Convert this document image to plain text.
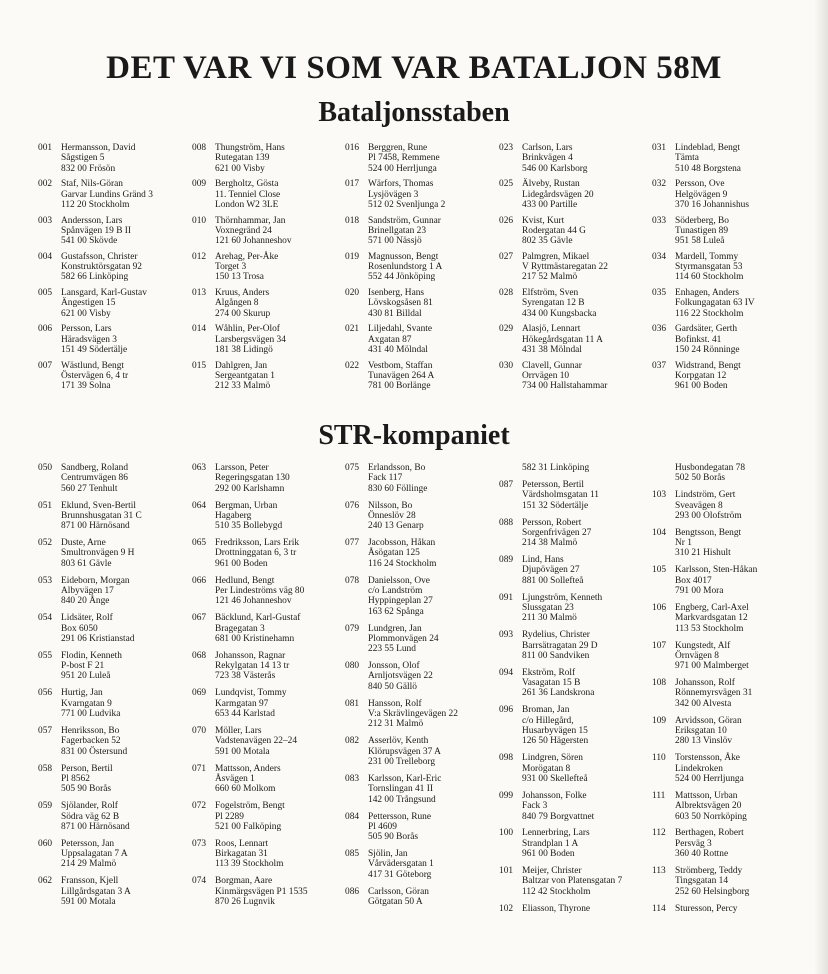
DET VAR VI SOM VAR BATALJON 58M
Bataljonsstaben
001 Hermansson, David
Sågstigen 5
832 00 Frösön
002 Staf, Nils-Göran
Garvar Lundins Gränd 3
112 20 Stockholm
003 Andersson, Lars
Spånvägen 19 B II
541 00 Skövde
004 Gustafsson, Christer
Konstruktörsgatan 92
582 66 Linköping
005 Lansgard, Karl-Gustav
Ängestigen 15
621 00 Visby
006 Persson, Lars
Häradsvägen 3
151 49 Södertälje
007 Wästlund, Bengt
Östervägen 6, 4 tr
171 39 Solna
008 Thungström, Hans
Rutegatan 139
621 00 Visby
009 Bergholtz, Gösta
11. Tenniel Close
London W2 3LE
010 Thörnhammar, Jan
Voxnegränd 24
121 60 Johanneshov
012 Arehag, Per-Åke
Torget 3
150 13 Trosa
013 Kruus, Anders
Algången 8
274 00 Skurup
014 Wåhlin, Per-Olof
Larsbergsvägen 34
181 38 Lidingö
015 Dahlgren, Jan
Sergeantgatan 1
212 33 Malmö
016 Berggren, Rune
Pl 7458, Remmene
524 00 Herrljunga
017 Wärfors, Thomas
Lysjövägen 3
512 02 Svenljunga 2
018 Sandström, Gunnar
Brinellgatan 23
571 00 Nässjö
019 Magnusson, Bengt
Rosenlundstorg 1 A
552 44 Jönköping
020 Isenberg, Hans
Lövskogsåsen 81
430 81 Billdal
021 Liljedahl, Svante
Axgatan 87
431 40 Mölndal
022 Vestbom, Staffan
Tunavägen 264 A
781 00 Borlänge
023 Carlson, Lars
Brinkvägen 4
546 00 Karlsborg
025 Älveby, Rustan
Lidegårdsvägen 20
433 00 Partille
026 Kvist, Kurt
Rodergatan 44 G
802 35 Gävle
027 Palmgren, Mikael
V Ryttmästaregatan 22
217 52 Malmö
028 Elfström, Sven
Syrengatan 12 B
434 00 Kungsbacka
029 Alasjö, Lennart
Hökegårdsgatan 11 A
431 38 Mölndal
030 Clavell, Gunnar
Orrvägen 10
734 00 Hallstahammar
031 Lindeblad, Bengt
Tämta
510 48 Borgstena
032 Persson, Ove
Helgövägen 9
370 16 Johannishus
033 Söderberg, Bo
Tunastigen 89
951 58 Luleå
034 Mardell, Tommy
Styrmansgatan 53
114 60 Stockholm
035 Enhagen, Anders
Folkungagatan 63 IV
116 22 Stockholm
036 Gardsäter, Gerth
Bofinkst. 41
150 24 Rönninge
037 Widstrand, Bengt
Korpgatan 12
961 00 Boden
STR-kompaniet
050 Sandberg, Roland
Centrumvägen 86
560 27 Tenhult
051 Eklund, Sven-Bertil
Brunnshusgatan 31 C
871 00 Härnösand
052 Duste, Arne
Smultronvägen 9 H
803 61 Gävle
053 Eideborn, Morgan
Albyvägen 17
840 20 Ånge
054 Lidsäter, Rolf
Box 6050
291 06 Kristianstad
055 Flodin, Kenneth
P-bost F 21
951 20 Luleå
056 Hurtig, Jan
Kvarngatan 9
771 00 Ludvika
057 Henriksson, Bo
Fagerbacken 52
831 00 Östersund
058 Person, Bertil
Pl 8562
505 90 Borås
059 Sjölander, Rolf
Södra väg 62 B
871 00 Härnösand
060 Petersson, Jan
Uppsalagatan 7 A
214 29 Malmö
062 Fransson, Kjell
Lillgårdsgatan 3 A
591 00 Motala
063 Larsson, Peter
Regeringsgatan 130
292 00 Karlshamn
064 Bergman, Urban
Hagaberg
510 35 Bollebygd
065 Fredriksson, Lars Erik
Drottninggatan 6, 3 tr
961 00 Boden
066 Hedlund, Bengt
Per Lindeströms väg 80
121 46 Johanneshov
067 Bäcklund, Karl-Gustaf
Bragegatan 3
681 00 Kristinehamn
068 Johansson, Ragnar
Rekylgatan 14 13 tr
723 38 Västerås
069 Lundqvist, Tommy
Karmgatan 97
653 44 Karlstad
070 Möller, Lars
Vadstenavägen 22–24
591 00 Motala
071 Mattsson, Anders
Åsvägen 1
660 60 Molkom
072 Fogelström, Bengt
Pl 2289
521 00 Falköping
073 Roos, Lennart
Birkagatan 31
113 39 Stockholm
074 Borgman, Aare
Kinmärgsvägen P1 1535
870 26 Lugnvik
075 Erlandsson, Bo
Fack 117
830 60 Föllinge
076 Nilsson, Bo
Önneslöv 28
240 13 Genarp
077 Jacobsson, Håkan
Åsögatan 125
116 24 Stockholm
078 Danielsson, Ove
c/o Landström
Hyppingeplan 27
163 62 Spånga
079 Lundgren, Jan
Plommonvägen 24
223 55 Lund
080 Jonsson, Olof
Arnljotsvägen 22
840 50 Gällö
081 Hansson, Rolf
V:a Skrävlingevägen 22
212 31 Malmö
082 Asserlöv, Kenth
Klörupsvägen 37 A
231 00 Trelleborg
083 Karlsson, Karl-Eric
Tornslingan 41 II
142 00 Trångsund
084 Pettersson, Rune
Pl 4609
505 90 Borås
085 Sjölin, Jan
Vårvädersgatan 1
417 31 Göteborg
086 Carlsson, Göran
Götgatan 50 A
582 31 Linköping
087 Petersson, Bertil
Värdsholmsgatan 11
151 32 Södertälje
088 Persson, Robert
Sorgenfrivägen 27
214 38 Malmö
089 Lind, Hans
Djupövägen 27
881 00 Sollefteå
091 Ljungström, Kenneth
Slussgatan 23
211 30 Malmö
093 Rydelius, Christer
Barrsätragatan 29 D
811 00 Sandviken
094 Ekström, Rolf
Vasagatan 15 B
261 36 Landskrona
096 Broman, Jan
c/o Hillegård,
Husarbyvägen 15
126 50 Hägersten
098 Lindgren, Sören
Morögatan 8
931 00 Skellefteå
099 Johansson, Folke
Fack 3
840 79 Borgvattnet
100 Lennerbring, Lars
Strandplan 1 A
961 00 Boden
101 Meijer, Christer
Baltzar von Platensgatan 7
112 42 Stockholm
102 Eliasson, Thyrone
Husbondegatan 78
502 50 Borås
103 Lindström, Gert
Sveavägen 8
293 00 Olofström
104 Bengtsson, Bengt
Nr 1
310 21 Hishult
105 Karlsson, Sten-Håkan
Box 4017
791 00 Mora
106 Engberg, Carl-Axel
Markvardsgatan 12
113 53 Stockholm
107 Kungstedt, Alf
Örnvägen 8
971 00 Malmberget
108 Johansson, Rolf
Rönnemyrsvägen 31
342 00 Alvesta
109 Arvidsson, Göran
Eriksgatan 10
280 13 Vinslöv
110 Torstensson, Åke
Lindekroken
524 00 Herrljunga
111	Mattsson, Urban
Albrektsvägen 20
603 50 Norrköping
112 Berthagen, Robert
Persväg 3
360 40 Rottne
113 Strömberg, Teddy
Tingsgatan 14
252 60 Helsingborg
114 Sturesson, Percy
